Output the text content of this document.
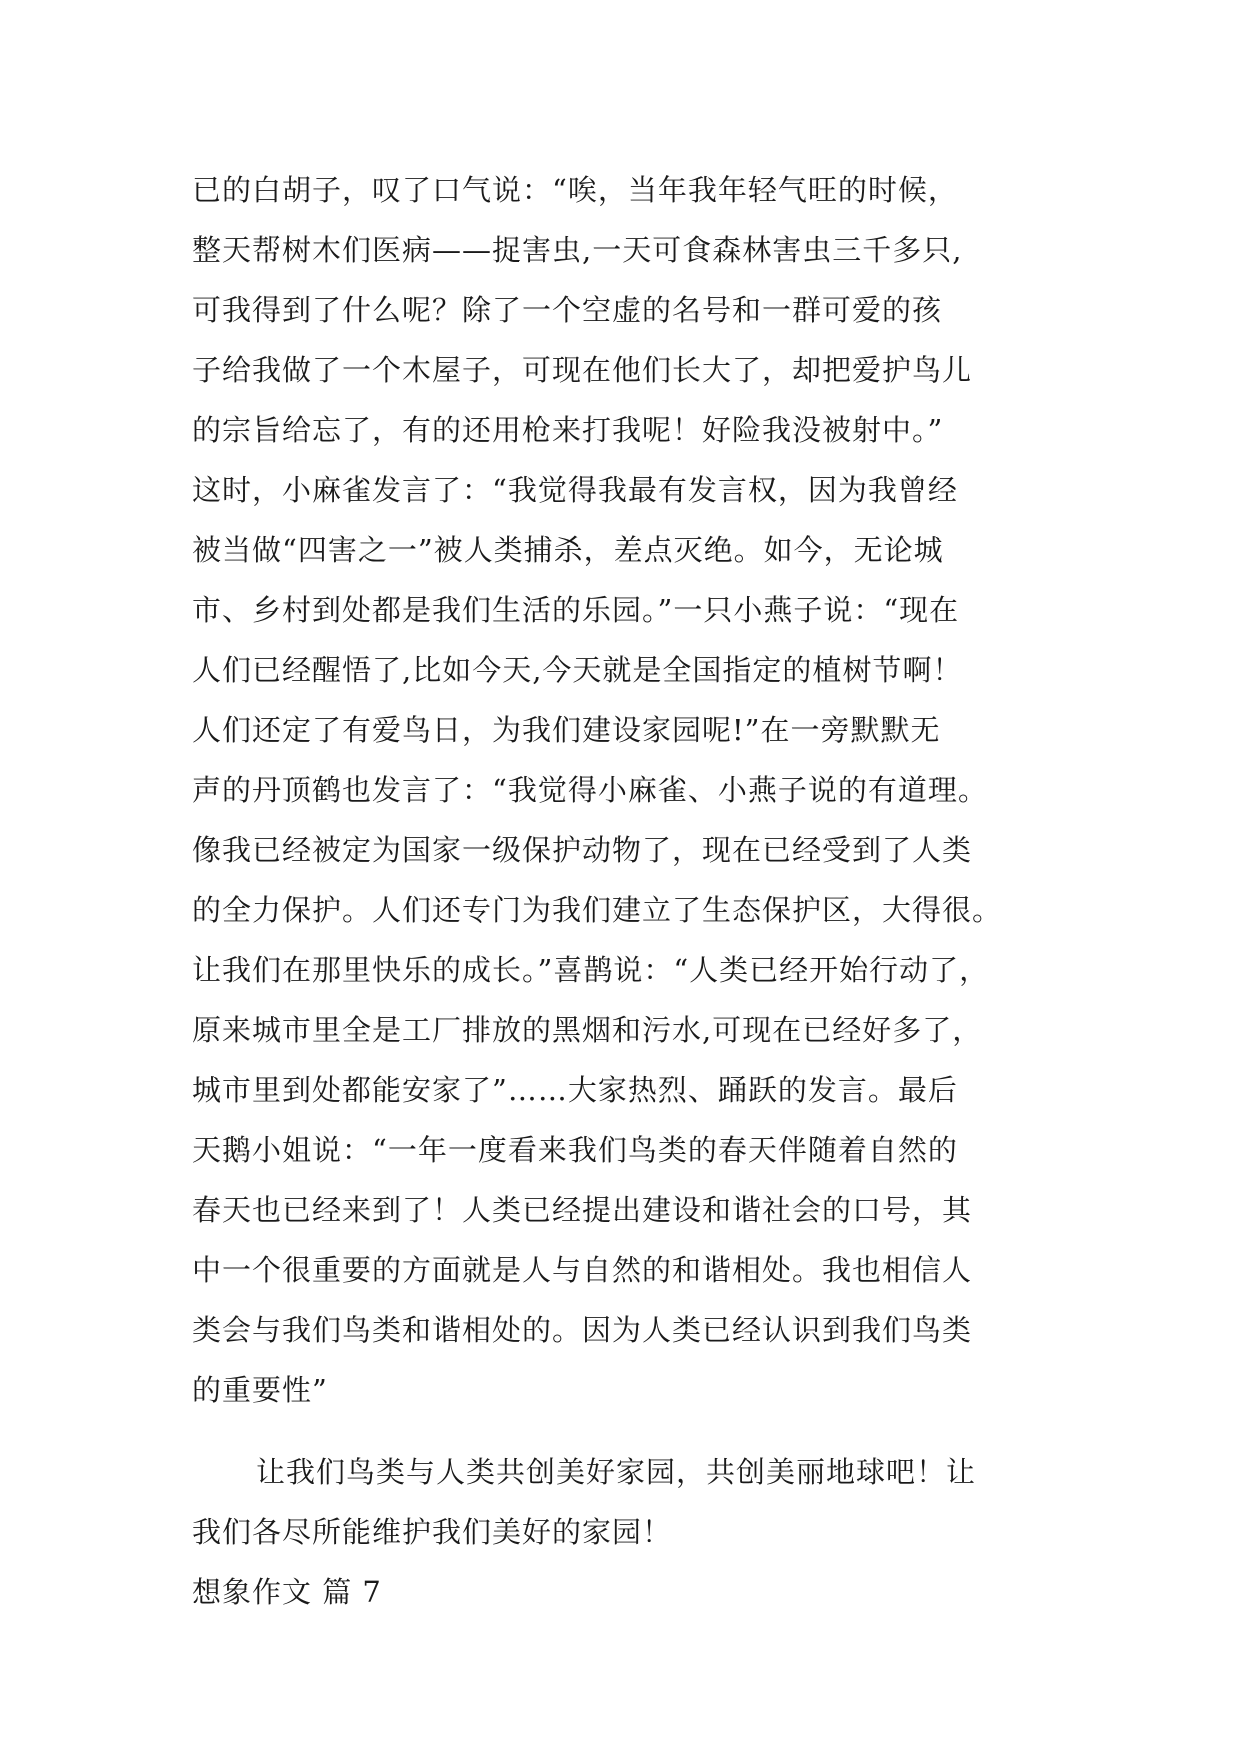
已的白胡子，叹了口气说：“唉，当年我年轻气旺的时候，
整天帮树木们医病——捉害虫,一天可食森林害虫三千多只,
可我得到了什么呢？除了一个空虚的名号和一群可爱的孩
子给我做了一个木屋子，可现在他们长大了，却把爱护鸟儿
的宗旨给忘了，有的还用枪来打我呢！好险我没被射中。”
这时，小麻雀发言了：“我觉得我最有发言权，因为我曾经
被当做“四害之一”被人类捕杀，差点灭绝。如今，无论城
市、乡村到处都是我们生活的乐园。”一只小燕子说：“现在
人们已经醒悟了,比如今天,今天就是全国指定的植树节啊！
人们还定了有爱鸟日，为我们建设家园呢!”在一旁默默无
声的丹顶鹤也发言了：“我觉得小麻雀、小燕子说的有道理。
像我已经被定为国家一级保护动物了，现在已经受到了人类
的全力保护。人们还专门为我们建立了生态保护区，大得很。
让我们在那里快乐的成长。”喜鹊说：“人类已经开始行动了，
原来城市里全是工厂排放的黑烟和污水,可现在已经好多了，
城市里到处都能安家了”……大家热烈、踊跃的发言。最后
天鹅小姐说：“一年一度看来我们鸟类的春天伴随着自然的
春天也已经来到了！人类已经提出建设和谐社会的口号，其
中一个很重要的方面就是人与自然的和谐相处。我也相信人
类会与我们鸟类和谐相处的。因为人类已经认识到我们鸟类
的重要性”
让我们鸟类与人类共创美好家园，共创美丽地球吧！让
我们各尽所能维护我们美好的家园！
想象作文 篇 7
